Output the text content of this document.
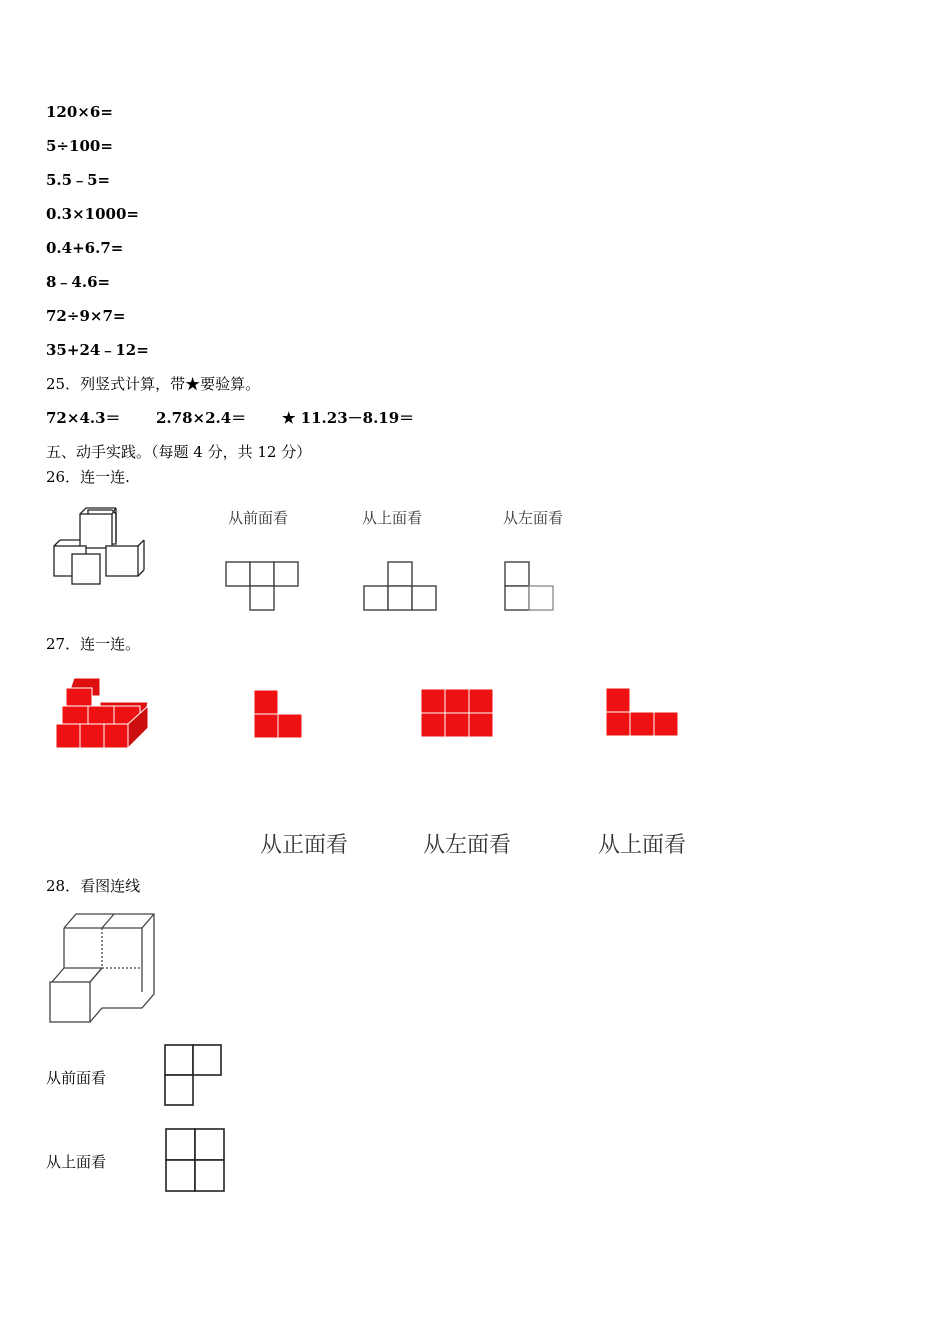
120×6=
5÷100=
5.5﹣5=
0.3×1000=
0.4+6.7=
8﹣4.6=
72÷9×7=
35+24﹣12=
25．列竖式计算，带★要验算。
72×4.3＝ 2.78×2.4＝ ★ 11.23－8.19＝
五、动手实践。（每题 4 分，共 12 分）
26．连一连.
从前面看	从上面看	从左面看
27．连一连。
从正面看	从左面看	从上面看
28．看图连线
从前面看
从上面看
